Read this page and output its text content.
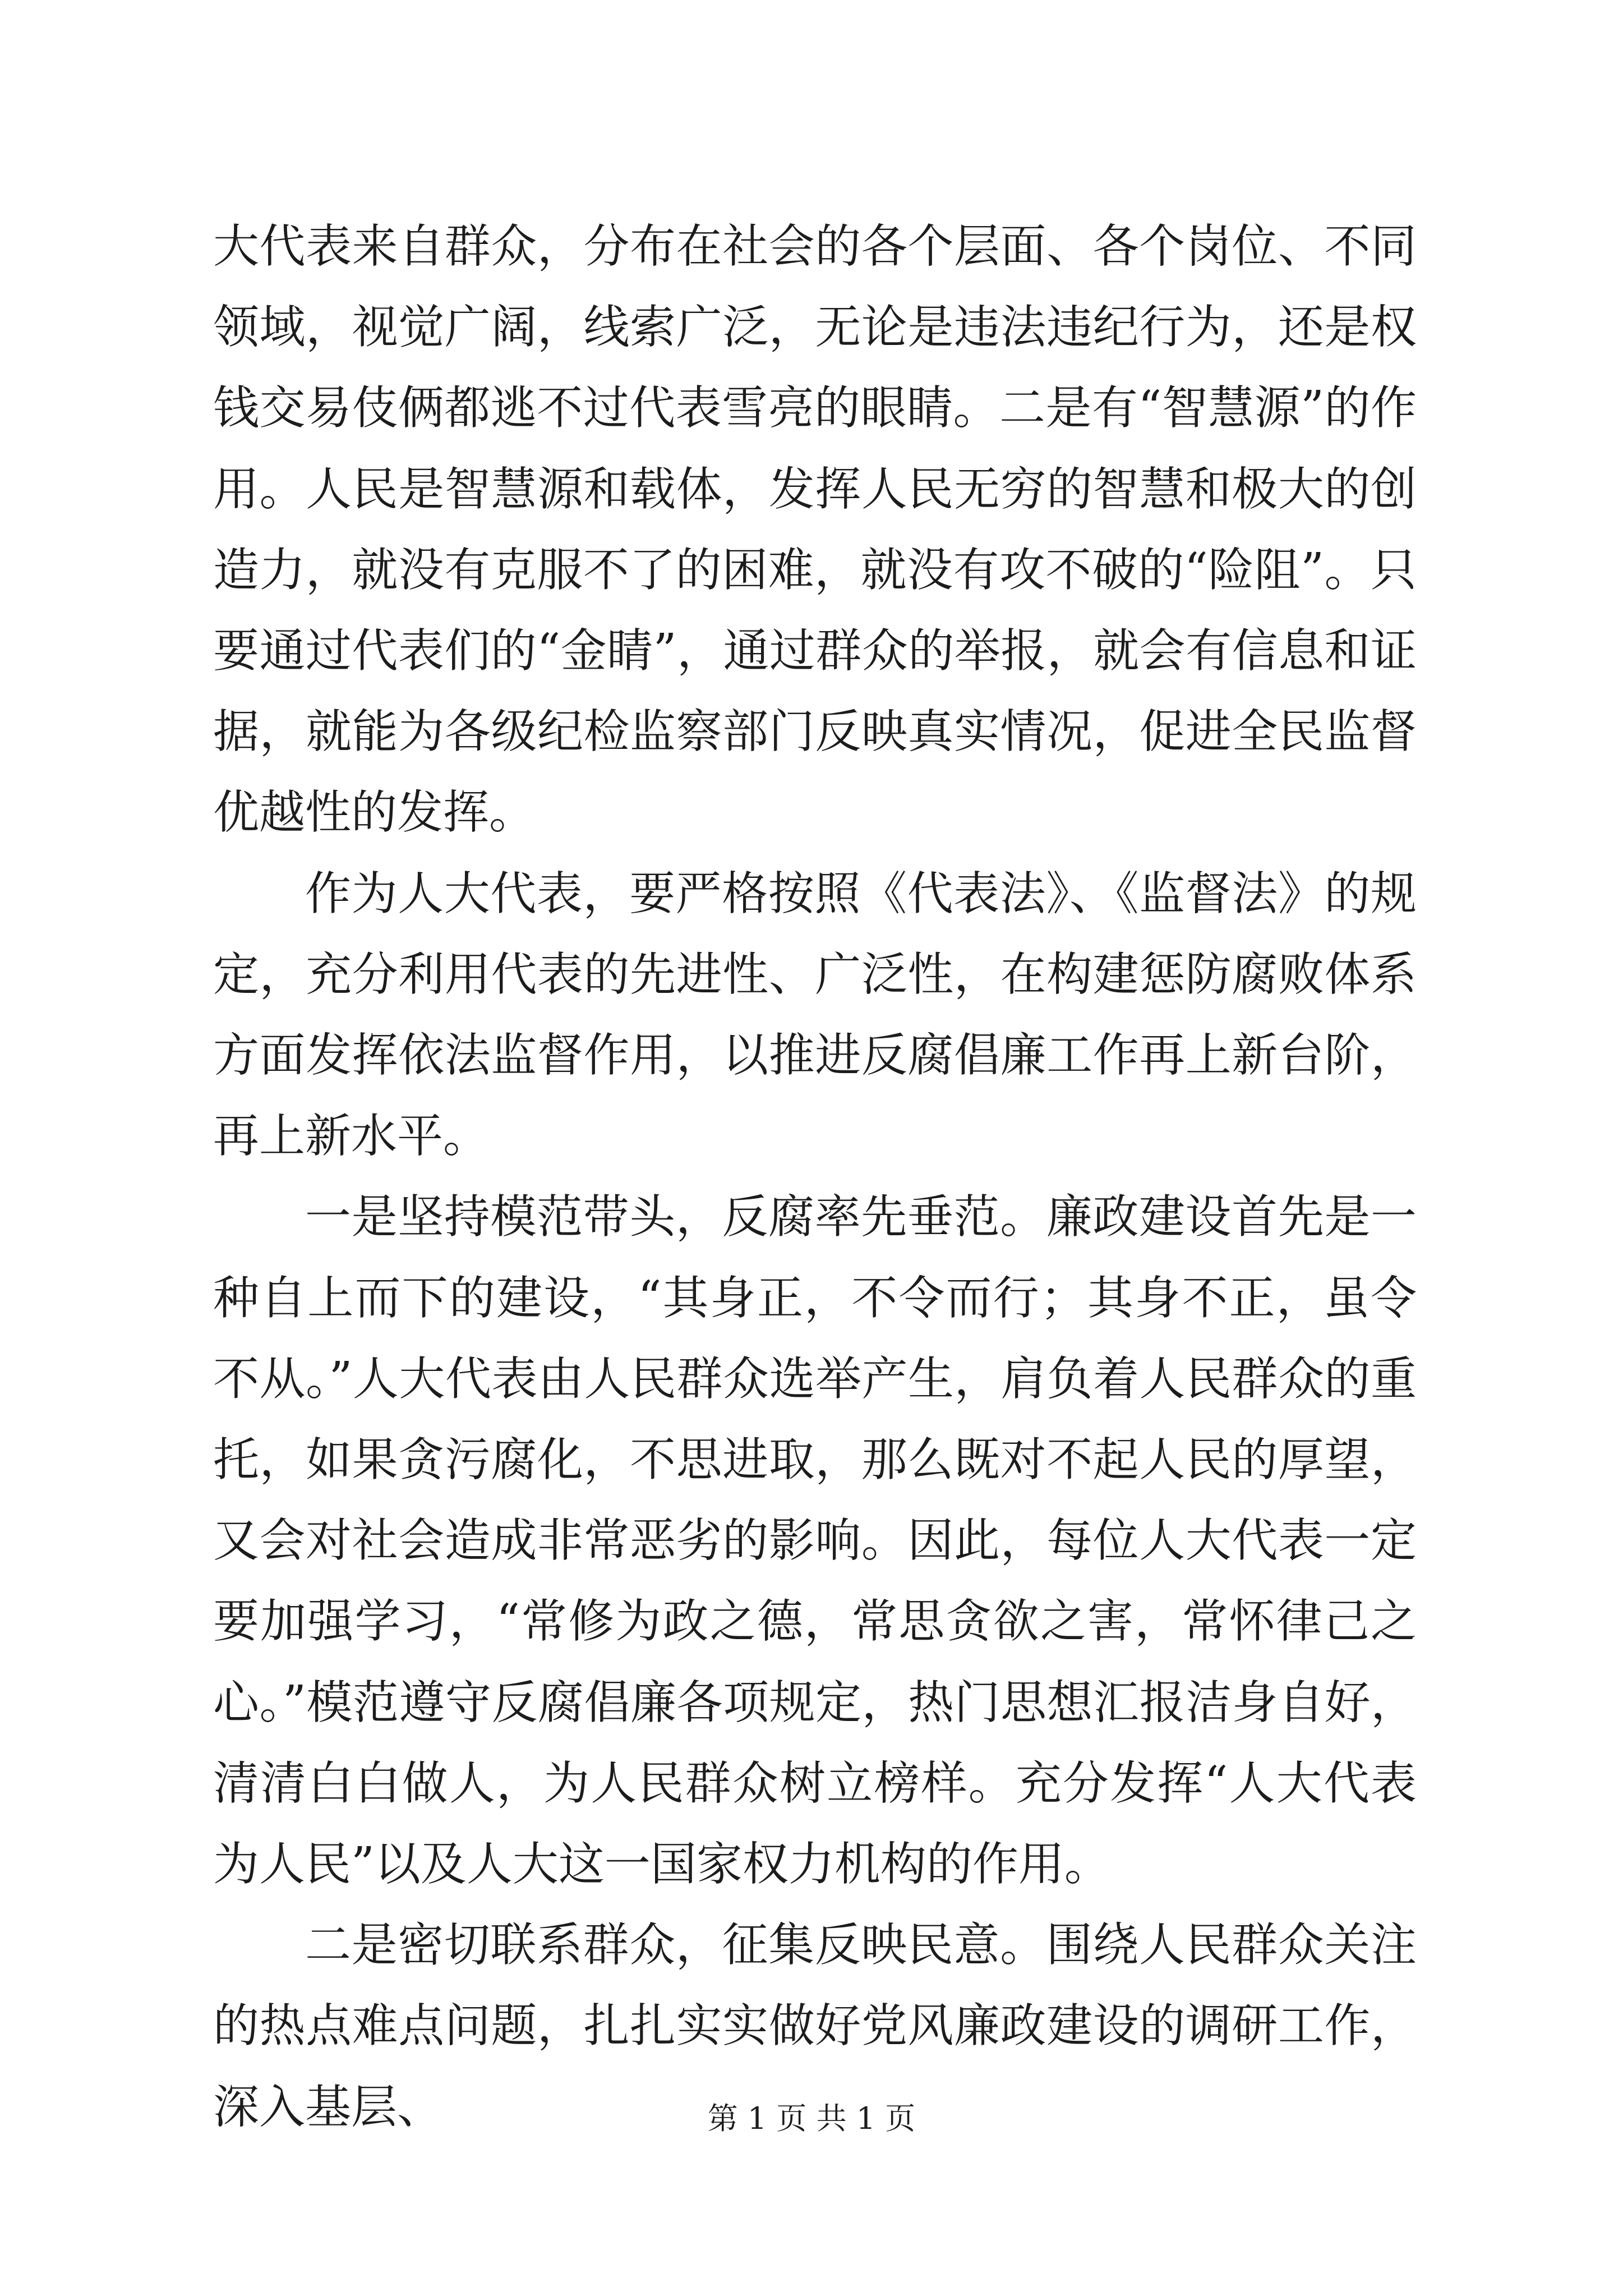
大代表来自群众，分布在社会的各个层面、各个岗位、不同领域，视觉广阔，线索广泛，无论是违法违纪行为，还是权钱交易伎俩都逃不过代表雪亮的眼睛。二是有“智慧源”的作用。人民是智慧源和载体，发挥人民无穷的智慧和极大的创造力，就没有克服不了的困难，就没有攻不破的“险阻”。只要通过代表们的“金睛”，通过群众的举报，就会有信息和证据，就能为各级纪检监察部门反映真实情况，促进全民监督优越性的发挥。

作为人大代表，要严格按照《代表法》、《监督法》的规定，充分利用代表的先进性、广泛性，在构建惩防腐败体系方面发挥依法监督作用，以推进反腐倡廉工作再上新台阶，再上新水平。

一是坚持模范带头，反腐率先垂范。廉政建设首先是一种自上而下的建设，“其身正，不令而行；其身不正，虽令不从。”人大代表由人民群众选举产生，肩负着人民群众的重托，如果贪污腐化，不思进取，那么既对不起人民的厚望，又会对社会造成非常恶劣的影响。因此，每位人大代表一定要加强学习，“常修为政之德，常思贪欲之害，常怀律己之心。”模范遵守反腐倡廉各项规定，热门思想汇报洁身自好，清清白白做人，为人民群众树立榜样。充分发挥“人大代表为人民”以及人大这一国家权力机构的作用。

二是密切联系群众，征集反映民意。围绕人民群众关注的热点难点问题，扎扎实实做好党风廉政建设的调研工作，深入基层、	第 1 页 共 1 页
